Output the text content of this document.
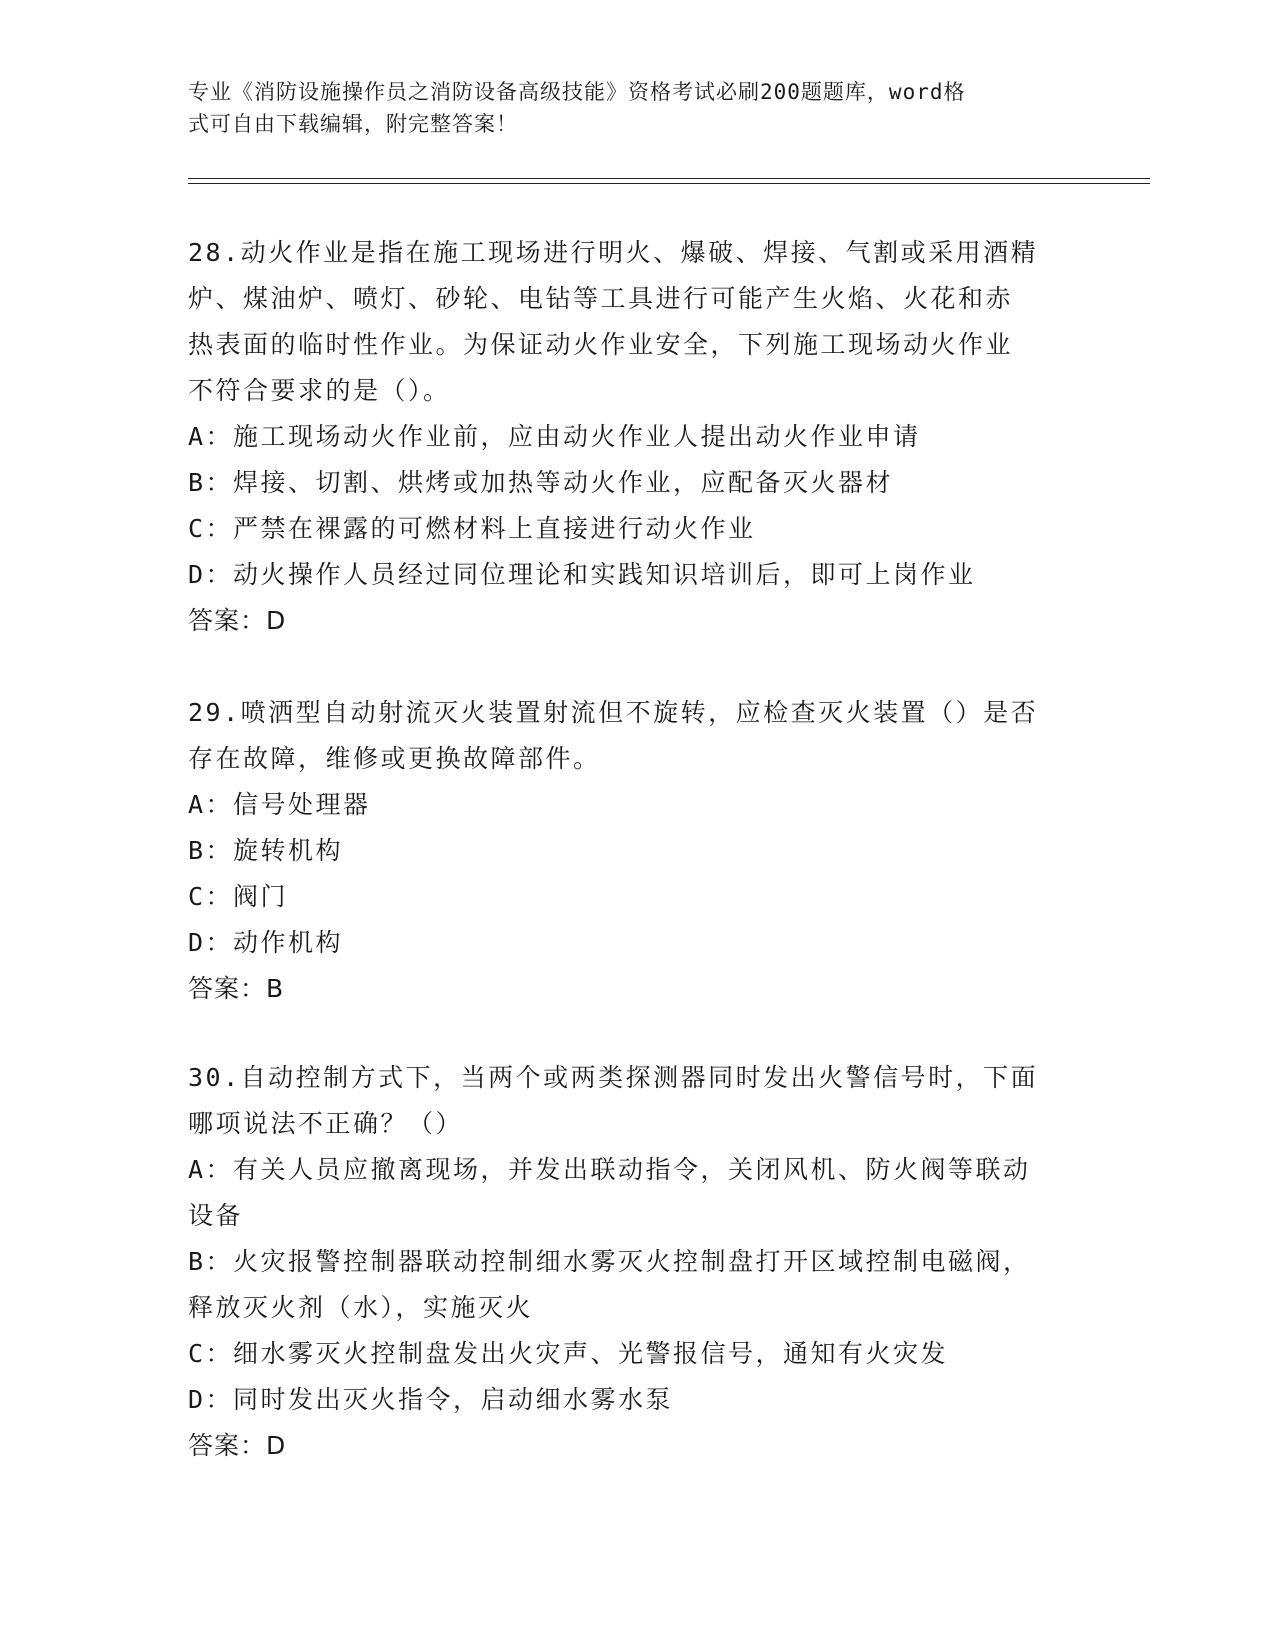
专业《消防设施操作员之消防设备高级技能》资格考试必刷200题题库，word格
式可自由下载编辑，附完整答案！

28.动火作业是指在施工现场进行明火、爆破、焊接、气割或采用酒精

炉、煤油炉、喷灯、砂轮、电钻等工具进行可能产生火焰、火花和赤

热表面的临时性作业。为保证动火作业安全，下列施工现场动火作业

不符合要求的是（）。

A：施工现场动火作业前，应由动火作业人提出动火作业申请

B：焊接、切割、烘烤或加热等动火作业，应配备灭火器材

C：严禁在裸露的可燃材料上直接进行动火作业

D：动火操作人员经过同位理论和实践知识培训后，即可上岗作业

答案：D

29.喷洒型自动射流灭火装置射流但不旋转，应检查灭火装置（）是否

存在故障，维修或更换故障部件。

A：信号处理器

B：旋转机构

C：阀门

D：动作机构

答案：B

30.自动控制方式下，当两个或两类探测器同时发出火警信号时，下面

哪项说法不正确？（）

A：有关人员应撤离现场，并发出联动指令，关闭风机、防火阀等联动

设备

B：火灾报警控制器联动控制细水雾灭火控制盘打开区域控制电磁阀，

释放灭火剂（水），实施灭火

C：细水雾灭火控制盘发出火灾声、光警报信号，通知有火灾发

D：同时发出灭火指令，启动细水雾水泵

答案：D
